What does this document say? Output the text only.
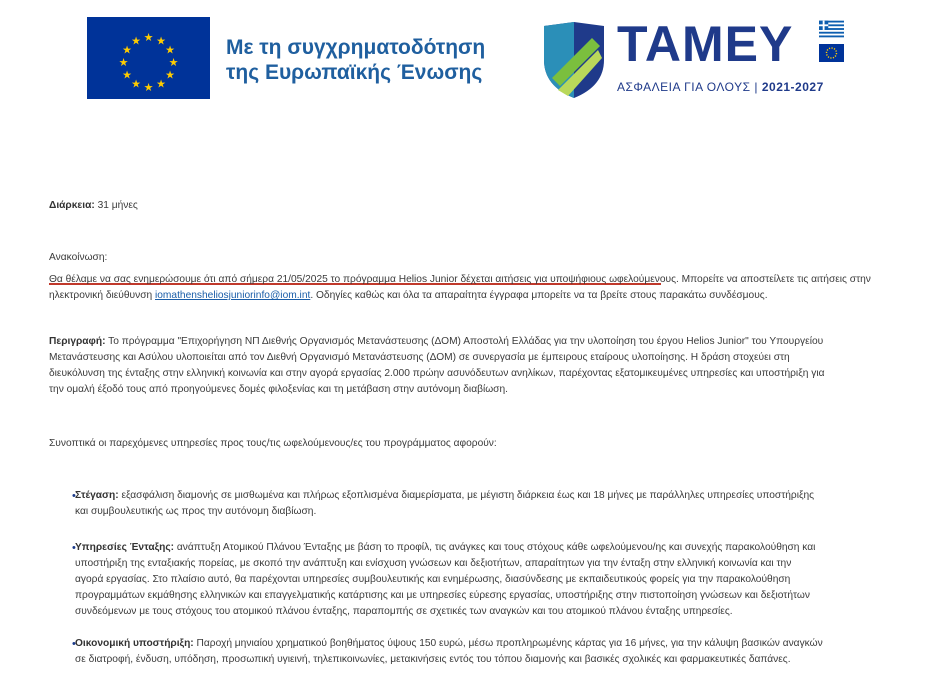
★ ★
★
★
★
★
★
★
★
★
★
★	Με τη συγχρηματοδότηση
της Ευρωπαϊκής Ένωσης
ΤΑΜΕΥ
ΑΣΦΑΛΕΙΑ ΓΙΑ ΟΛΟΥΣ | 2021-2027

Διάρκεια: 31 μήνες

Ανακοίνωση:

Θα θέλαμε να σας ενημερώσουμε ότι από σήμερα 21/05/2025 το πρόγραμμα Helios Junior δέχεται αιτήσεις για υποψήφιους ωφελούμενους. Μπορείτε να αποστείλετε τις αιτήσεις στην
ηλεκτρονική διεύθυνση iomathensheliosjuniorinfo@iom.int. Οδηγίες καθώς και όλα τα απαραίτητα έγγραφα μπορείτε να τα βρείτε στους παρακάτω συνδέσμους.
Περιγραφή: Το πρόγραμμα "Επιχορήγηση ΝΠ Διεθνής Οργανισμός Μετανάστευσης (ΔΟΜ) Αποστολή Ελλάδας για την υλοποίηση του έργου Helios Junior" του Υπουργείου
Μετανάστευσης και Ασύλου υλοποιείται από τον Διεθνή Οργανισμό Μετανάστευσης (ΔΟΜ) σε συνεργασία με έμπειρους εταίρους υλοποίησης. Η δράση στοχεύει στη
διευκόλυνση της ένταξης στην ελληνική κοινωνία και στην αγορά εργασίας 2.000 πρώην ασυνόδευτων ανηλίκων, παρέχοντας εξατομικευμένες υπηρεσίες και υποστήριξη για
την ομαλή έξοδό τους από προηγούμενες δομές φιλοξενίας και τη μετάβαση στην αυτόνομη διαβίωση.

Συνοπτικά οι παρεχόμενες υπηρεσίες προς τους/τις ωφελούμενους/ες του προγράμματος αφορούν:

• Στέγαση: εξασφάλιση διαμονής σε μισθωμένα και πλήρως εξοπλισμένα διαμερίσματα, με μέγιστη διάρκεια έως και 18 μήνες με παράλληλες υπηρεσίες υποστήριξης
και συμβουλευτικής ως προς την αυτόνομη διαβίωση.
• Υπηρεσίες Ένταξης: ανάπτυξη Ατομικού Πλάνου Ένταξης με βάση το προφίλ, τις ανάγκες και τους στόχους κάθε ωφελούμενου/ης και συνεχής παρακολούθηση και
υποστήριξη της ενταξιακής πορείας, με σκοπό την ανάπτυξη και ενίσχυση γνώσεων και δεξιοτήτων, απαραίτητων για την ένταξη στην ελληνική κοινωνία και την
αγορά εργασίας. Στο πλαίσιο αυτό, θα παρέχονται υπηρεσίες συμβουλευτικής και ενημέρωσης, διασύνδεσης με εκπαιδευτικούς φορείς για την παρακολούθηση
προγραμμάτων εκμάθησης ελληνικών και επαγγελματικής κατάρτισης και με υπηρεσίες εύρεσης εργασίας, υποστήριξης στην πιστοποίηση γνώσεων και δεξιοτήτων
συνδεόμενων με τους στόχους του ατομικού πλάνου ένταξης, παραπομπής σε σχετικές των αναγκών και του ατομικού πλάνου ένταξης υπηρεσίες.
• Οικονομική υποστήριξη: Παροχή μηνιαίου χρηματικού βοηθήματος ύψους 150 ευρώ, μέσω προπληρωμένης κάρτας για 16 μήνες, για την κάλυψη βασικών αναγκών
σε διατροφή, ένδυση, υπόδηση, προσωπική υγιεινή, τηλεπικοινωνίες, μετακινήσεις εντός του τόπου διαμονής και βασικές σχολικές και φαρμακευτικές δαπάνες.
